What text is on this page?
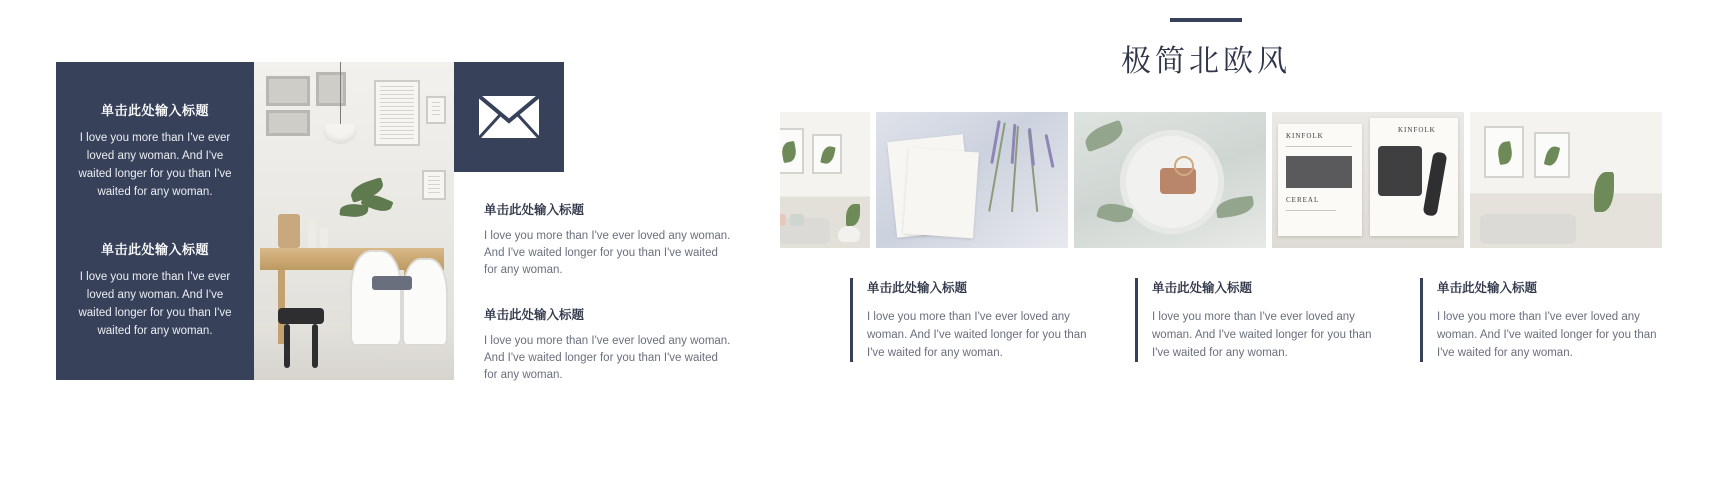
单击此处输入标题

I love you more than I've ever loved any woman. And I've waited longer for you than I've waited for any woman.

单击此处输入标题

I love you more than I've ever loved any woman. And I've waited longer for you than I've waited for any woman.

单击此处输入标题

I love you more than I've ever loved any woman. And I've waited longer for you than I've waited for any woman.

单击此处输入标题

I love you more than I've ever loved any woman. And I've waited longer for you than I've waited for any woman.

极简北欧风
KINFOLK
CEREAL
KINFOLK
单击此处输入标题

I love you more than I've ever loved any woman. And I've waited longer for you than I've waited for any woman.

单击此处输入标题

I love you more than I've ever loved any woman. And I've waited longer for you than I've waited for any woman.

单击此处输入标题

I love you more than I've ever loved any woman. And I've waited longer for you than I've waited for any woman.
